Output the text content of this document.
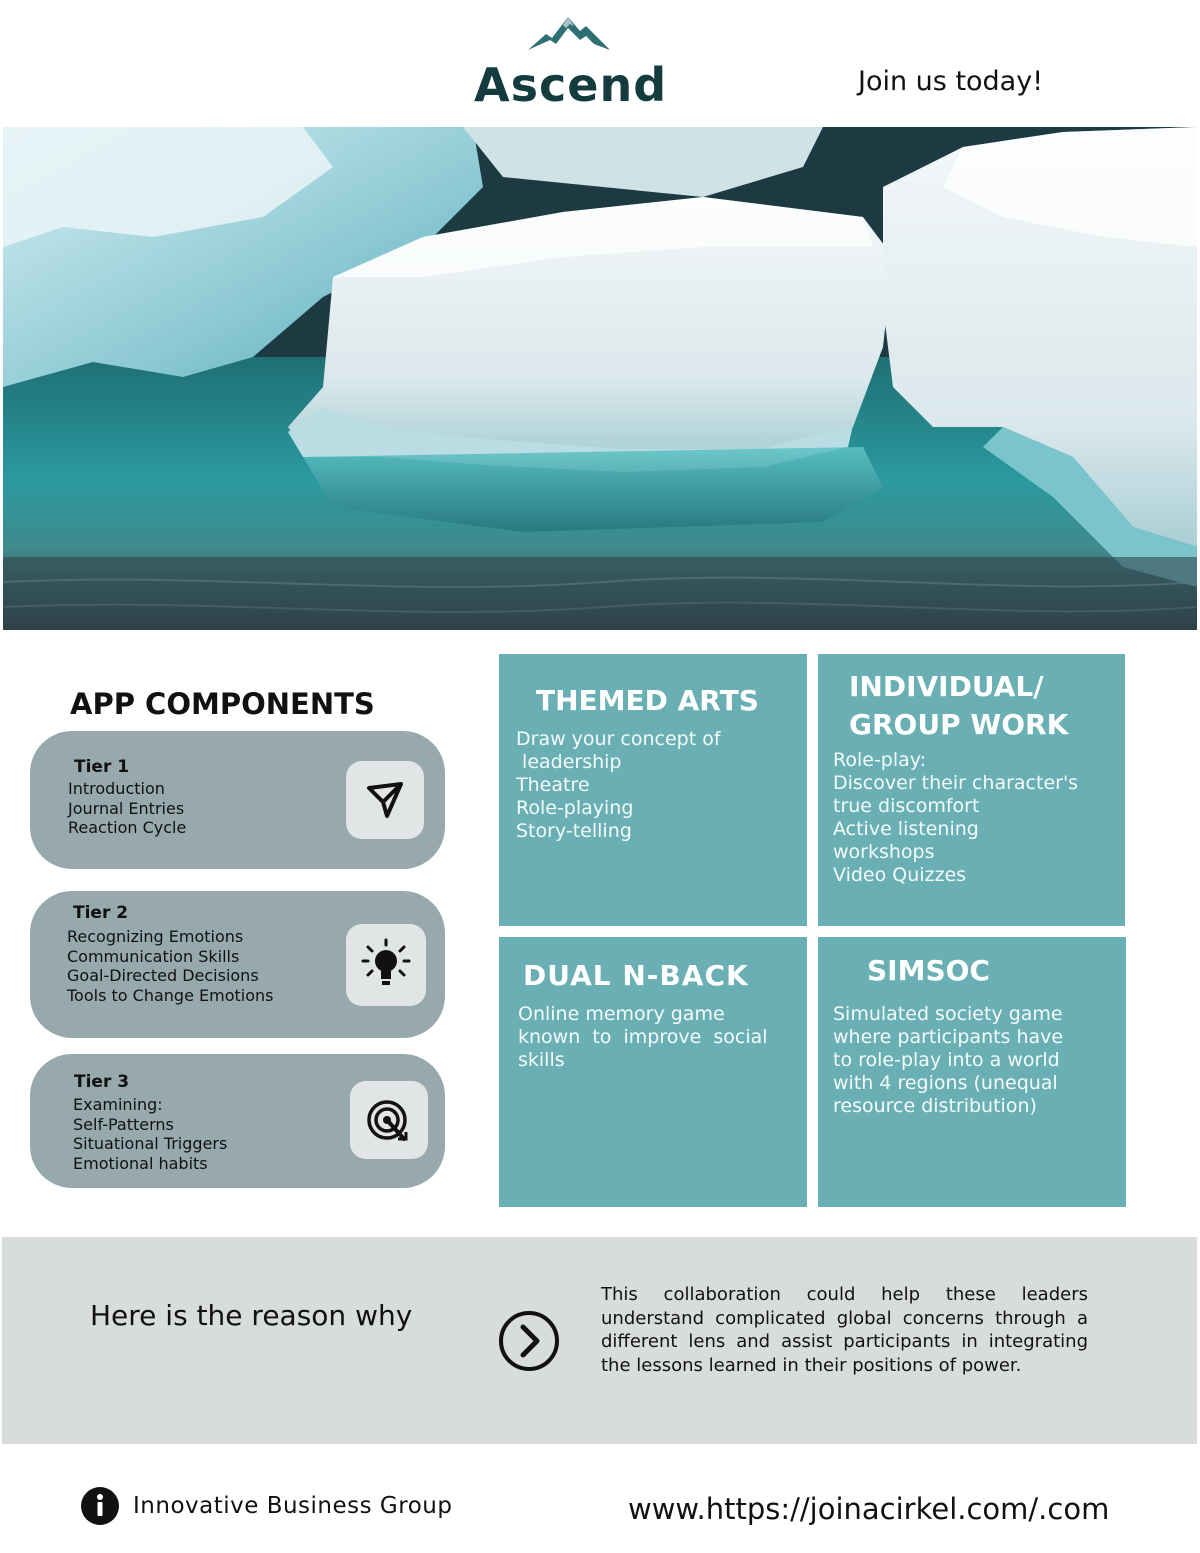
Ascend	Join us today!
APP COMPONENTS
Tier 1
Introduction
Journal Entries
Reaction Cycle
Tier 2
Recognizing Emotions
Communication Skills
Goal-Directed Decisions
Tools to Change Emotions
Tier 3
Examining:
Self-Patterns
Situational Triggers
Emotional habits
THEMED ARTS
Draw your concept of
leadership
Theatre
Role-playing
Story-telling
INDIVIDUAL/
GROUP WORK
Role-play:
Discover their character's
true discomfort
Active listening
workshops
Video Quizzes
DUAL N-BACK
Online memory game
known  to  improve  social
skills
SIMSOC
Simulated society game
where participants have
to role-play into a world
with 4 regions (unequal
resource distribution)
Here is the reason why
This collaboration could help these leaders understand complicated global concerns through a different lens and assist participants in integrating the lessons learned in their positions of power.
Innovative Business Group	www.https://joinacirkel.com/.com
